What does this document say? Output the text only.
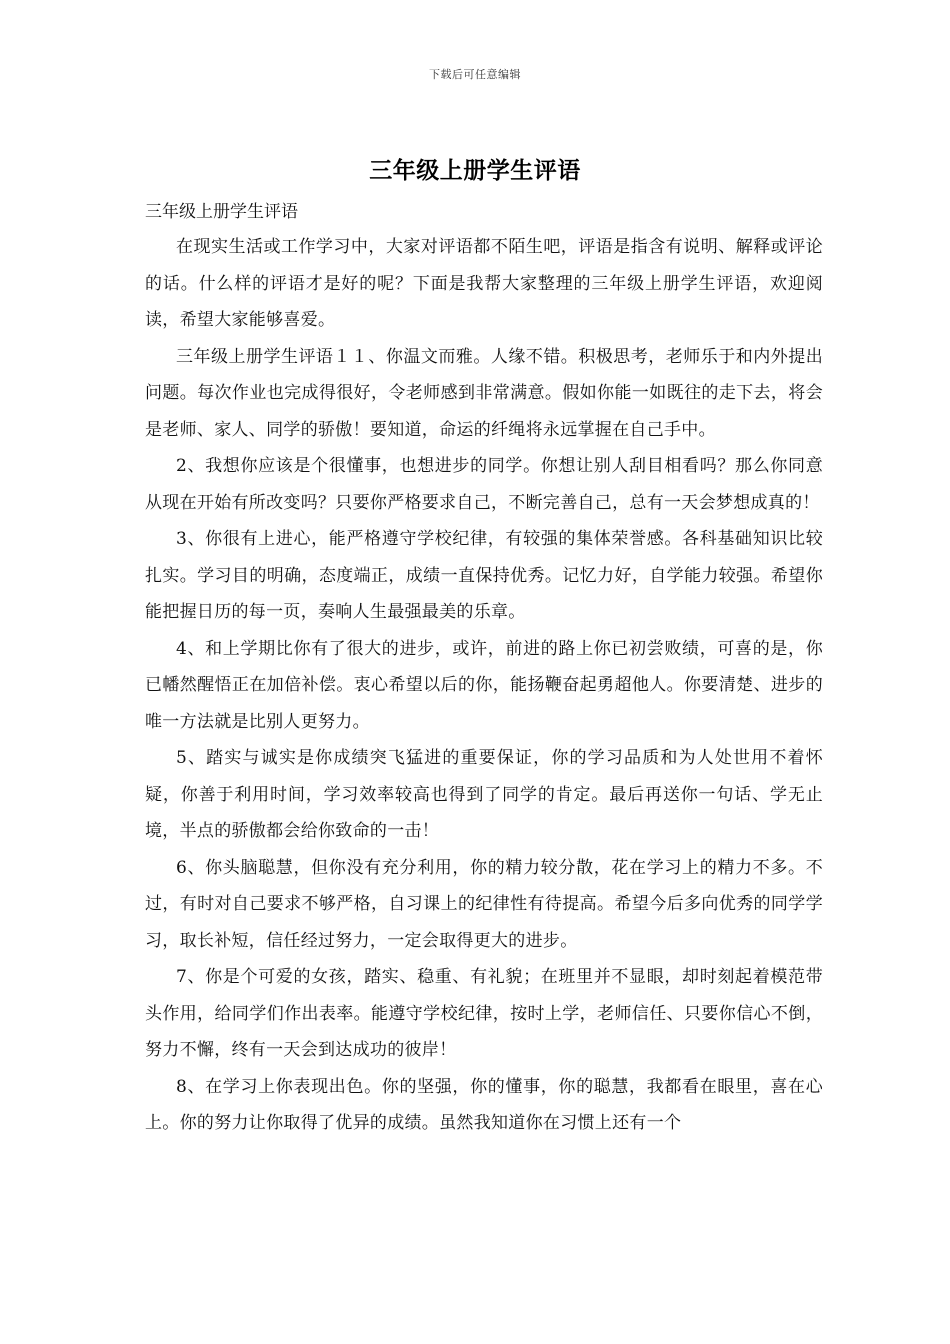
下载后可任意编辑
三年级上册学生评语
三年级上册学生评语

在现实生活或工作学习中，大家对评语都不陌生吧，评语是指含有说明、解释或评论的话。什么样的评语才是好的呢？下面是我帮大家整理的三年级上册学生评语，欢迎阅读，希望大家能够喜爱。

三年级上册学生评语１１、你温文而雅。人缘不错。积极思考，老师乐于和内外提出问题。每次作业也完成得很好，令老师感到非常满意。假如你能一如既往的走下去，将会是老师、家人、同学的骄傲！要知道，命运的纤绳将永远掌握在自己手中。

2、我想你应该是个很懂事，也想进步的同学。你想让别人刮目相看吗？那么你同意从现在开始有所改变吗？只要你严格要求自己，不断完善自己，总有一天会梦想成真的！

3、你很有上进心，能严格遵守学校纪律，有较强的集体荣誉感。各科基础知识比较扎实。学习目的明确，态度端正，成绩一直保持优秀。记忆力好，自学能力较强。希望你能把握日历的每一页，奏响人生最强最美的乐章。

4、和上学期比你有了很大的进步，或许，前进的路上你已初尝败绩，可喜的是，你已幡然醒悟正在加倍补偿。衷心希望以后的你，能扬鞭奋起勇超他人。你要清楚、进步的唯一方法就是比别人更努力。

5、踏实与诚实是你成绩突飞猛进的重要保证，你的学习品质和为人处世用不着怀疑，你善于利用时间，学习效率较高也得到了同学的肯定。最后再送你一句话、学无止境，半点的骄傲都会给你致命的一击！

6、你头脑聪慧，但你没有充分利用，你的精力较分散，花在学习上的精力不多。不过，有时对自己要求不够严格，自习课上的纪律性有待提高。希望今后多向优秀的同学学习，取长补短，信任经过努力，一定会取得更大的进步。

7、你是个可爱的女孩，踏实、稳重、有礼貌；在班里并不显眼，却时刻起着模范带头作用，给同学们作出表率。能遵守学校纪律，按时上学，老师信任、只要你信心不倒，努力不懈，终有一天会到达成功的彼岸！

8、在学习上你表现出色。你的坚强，你的懂事，你的聪慧，我都看在眼里，喜在心上。你的努力让你取得了优异的成绩。虽然我知道你在习惯上还有一个
